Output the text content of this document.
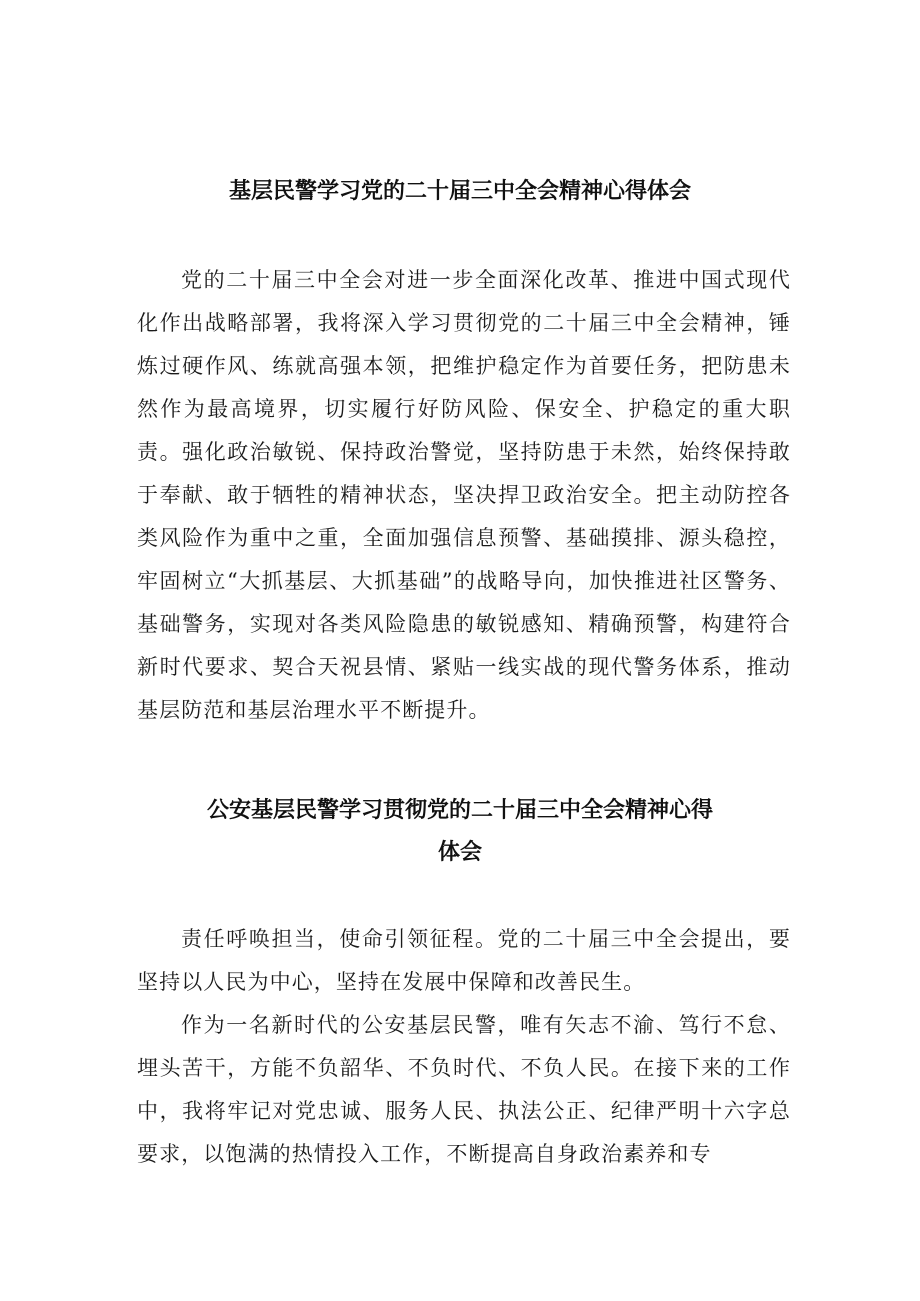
基层民警学习党的二十届三中全会精神心得体会

党的二十届三中全会对进一步全面深化改革、推进中国式现代化作出战略部署，我将深入学习贯彻党的二十届三中全会精神，锤炼过硬作风、练就高强本领，把维护稳定作为首要任务，把防患未然作为最高境界，切实履行好防风险、保安全、护稳定的重大职责。强化政治敏锐、保持政治警觉，坚持防患于未然，始终保持敢于奉献、敢于牺牲的精神状态，坚决捍卫政治安全。把主动防控各类风险作为重中之重，全面加强信息预警、基础摸排、源头稳控，牢固树立“大抓基层、大抓基础”的战略导向，加快推进社区警务、基础警务，实现对各类风险隐患的敏锐感知、精确预警，构建符合新时代要求、契合天祝县情、紧贴一线实战的现代警务体系，推动基层防范和基层治理水平不断提升。

公安基层民警学习贯彻党的二十届三中全会精神心得
体会

责任呼唤担当，使命引领征程。党的二十届三中全会提出，要坚持以人民为中心，坚持在发展中保障和改善民生。

作为一名新时代的公安基层民警，唯有矢志不渝、笃行不怠、埋头苦干，方能不负韶华、不负时代、不负人民。在接下来的工作中，我将牢记对党忠诚、服务人民、执法公正、纪律严明十六字总要求，以饱满的热情投入工作，不断提高自身政治素养和专
